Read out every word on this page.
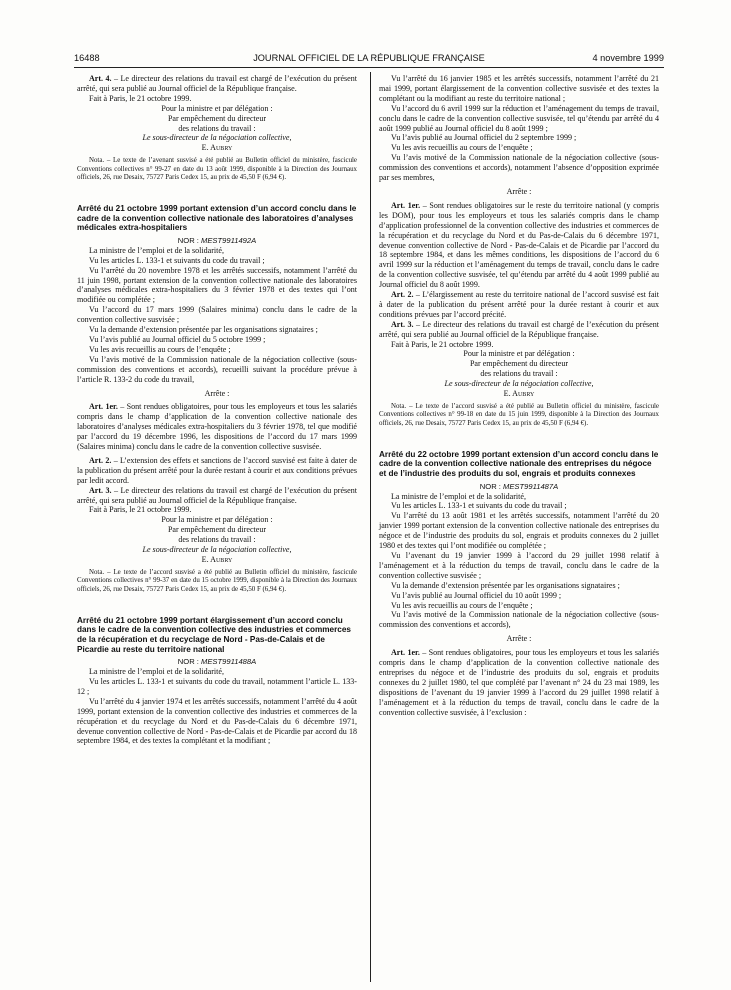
16488	JOURNAL OFFICIEL DE LA RÉPUBLIQUE FRANÇAISE	4 novembre 1999

Art. 4. – Le directeur des relations du travail est chargé de l’exécution du présent arrêté, qui sera publié au Journal officiel de la République française.

Fait à Paris, le 21 octobre 1999.

Pour la ministre et par délégation :

Par empêchement du directeur

des relations du travail :

Le sous-directeur de la négociation collective,

E. Aubry

Nota. – Le texte de l’avenant susvisé a été publié au Bulletin officiel du ministère, fascicule Conventions collectives n° 99-27 en date du 13 août 1999, disponible à la Direction des Journaux officiels, 26, rue Desaix, 75727 Paris Cedex 15, au prix de 45,50 F (6,94 €).

Arrêté du 21 octobre 1999 portant extension d’un accord conclu dans le cadre de la convention collective nationale des laboratoires d’analyses médicales extra-hospitaliers

NOR : MEST9911492A

La ministre de l’emploi et de la solidarité,

Vu les articles L. 133-1 et suivants du code du travail ;

Vu l’arrêté du 20 novembre 1978 et les arrêtés successifs, notamment l’arrêté du 11 juin 1998, portant extension de la convention collective nationale des laboratoires d’analyses médicales extra-hospitaliers du 3 février 1978 et des textes qui l’ont modifiée ou complétée ;

Vu l’accord du 17 mars 1999 (Salaires minima) conclu dans le cadre de la convention collective susvisée ;

Vu la demande d’extension présentée par les organisations signataires ;

Vu l’avis publié au Journal officiel du 5 octobre 1999 ;

Vu les avis recueillis au cours de l’enquête ;

Vu l’avis motivé de la Commission nationale de la négociation collective (sous-commission des conventions et accords), recueilli suivant la procédure prévue à l’article R. 133-2 du code du travail,

Arrête :

Art. 1er. – Sont rendues obligatoires, pour tous les employeurs et tous les salariés compris dans le champ d’application de la convention collective nationale des laboratoires d’analyses médicales extra-hospitaliers du 3 février 1978, tel que modifié par l’accord du 19 décembre 1996, les dispositions de l’accord du 17 mars 1999 (Salaires minima) conclu dans le cadre de la convention collective susvisée.

Art. 2. – L’extension des effets et sanctions de l’accord susvisé est faite à dater de la publication du présent arrêté pour la durée restant à courir et aux conditions prévues par ledit accord.

Art. 3. – Le directeur des relations du travail est chargé de l’exécution du présent arrêté, qui sera publié au Journal officiel de la République française.

Fait à Paris, le 21 octobre 1999.

Pour la ministre et par délégation :

Par empêchement du directeur

des relations du travail :

Le sous-directeur de la négociation collective,

E. Aubry

Nota. – Le texte de l’accord susvisé a été publié au Bulletin officiel du ministère, fascicule Conventions collectives n° 99-37 en date du 15 octobre 1999, disponible à la Direction des Journaux officiels, 26, rue Desaix, 75727 Paris Cedex 15, au prix de 45,50 F (6,94 €).

Arrêté du 21 octobre 1999 portant élargissement d’un accord conclu dans le cadre de la convention collective des industries et commerces de la récupération et du recyclage de Nord - Pas-de-Calais et de Picardie au reste du territoire national

NOR : MEST9911488A

La ministre de l’emploi et de la solidarité,

Vu les articles L. 133-1 et suivants du code du travail, notamment l’article L. 133-12 ;

Vu l’arrêté du 4 janvier 1974 et les arrêtés successifs, notamment l’arrêté du 4 août 1999, portant extension de la convention collective des industries et commerces de la récupération et du recyclage du Nord et du Pas-de-Calais du 6 décembre 1971, devenue convention collective de Nord - Pas-de-Calais et de Picardie par accord du 18 septembre 1984, et des textes la complétant et la modifiant ;

Vu l’arrêté du 16 janvier 1985 et les arrêtés successifs, notamment l’arrêté du 21 mai 1999, portant élargissement de la convention collective susvisée et des textes la complétant ou la modifiant au reste du territoire national ;

Vu l’accord du 6 avril 1999 sur la réduction et l’aménagement du temps de travail, conclu dans le cadre de la convention collective susvisée, tel qu’étendu par arrêté du 4 août 1999 publié au Journal officiel du 8 août 1999 ;

Vu l’avis publié au Journal officiel du 2 septembre 1999 ;

Vu les avis recueillis au cours de l’enquête ;

Vu l’avis motivé de la Commission nationale de la négociation collective (sous-commission des conventions et accords), notamment l’absence d’opposition exprimée par ses membres,

Arrête :

Art. 1er. – Sont rendues obligatoires sur le reste du territoire national (y compris les DOM), pour tous les employeurs et tous les salariés compris dans le champ d’application professionnel de la convention collective des industries et commerces de la récupération et du recyclage du Nord et du Pas-de-Calais du 6 décembre 1971, devenue convention collective de Nord - Pas-de-Calais et de Picardie par l’accord du 18 septembre 1984, et dans les mêmes conditions, les dispositions de l’accord du 6 avril 1999 sur la réduction et l’aménagement du temps de travail, conclu dans le cadre de la convention collective susvisée, tel qu’étendu par arrêté du 4 août 1999 publié au Journal officiel du 8 août 1999.

Art. 2. – L’élargissement au reste du territoire national de l’accord susvisé est fait à dater de la publication du présent arrêté pour la durée restant à courir et aux conditions prévues par l’accord précité.

Art. 3. – Le directeur des relations du travail est chargé de l’exécution du présent arrêté, qui sera publié au Journal officiel de la République française.

Fait à Paris, le 21 octobre 1999.

Pour la ministre et par délégation :

Par empêchement du directeur

des relations du travail :

Le sous-directeur de la négociation collective,

E. Aubry

Nota. – Le texte de l’accord susvisé a été publié au Bulletin officiel du ministère, fascicule Conventions collectives n° 99-18 en date du 15 juin 1999, disponible à la Direction des Journaux officiels, 26, rue Desaix, 75727 Paris Cedex 15, au prix de 45,50 F (6,94 €).

Arrêté du 22 octobre 1999 portant extension d’un accord conclu dans le cadre de la convention collective nationale des entreprises du négoce et de l’industrie des produits du sol, engrais et produits connexes

NOR : MEST9911487A

La ministre de l’emploi et de la solidarité,

Vu les articles L. 133-1 et suivants du code du travail ;

Vu l’arrêté du 13 août 1981 et les arrêtés successifs, notamment l’arrêté du 20 janvier 1999 portant extension de la convention collective nationale des entreprises du négoce et de l’industrie des produits du sol, engrais et produits connexes du 2 juillet 1980 et des textes qui l’ont modifiée ou complétée ;

Vu l’avenant du 19 janvier 1999 à l’accord du 29 juillet 1998 relatif à l’aménagement et à la réduction du temps de travail, conclu dans le cadre de la convention collective susvisée ;

Vu la demande d’extension présentée par les organisations signataires ;

Vu l’avis publié au Journal officiel du 10 août 1999 ;

Vu les avis recueillis au cours de l’enquête ;

Vu l’avis motivé de la Commission nationale de la négociation collective (sous-commission des conventions et accords),

Arrête :

Art. 1er. – Sont rendues obligatoires, pour tous les employeurs et tous les salariés compris dans le champ d’application de la convention collective nationale des entreprises du négoce et de l’industrie des produits du sol, engrais et produits connexes du 2 juillet 1980, tel que complété par l’avenant n° 24 du 23 mai 1989, les dispositions de l’avenant du 19 janvier 1999 à l’accord du 29 juillet 1998 relatif à l’aménagement et à la réduction du temps de travail, conclu dans le cadre de la convention collective susvisée, à l’exclusion :
